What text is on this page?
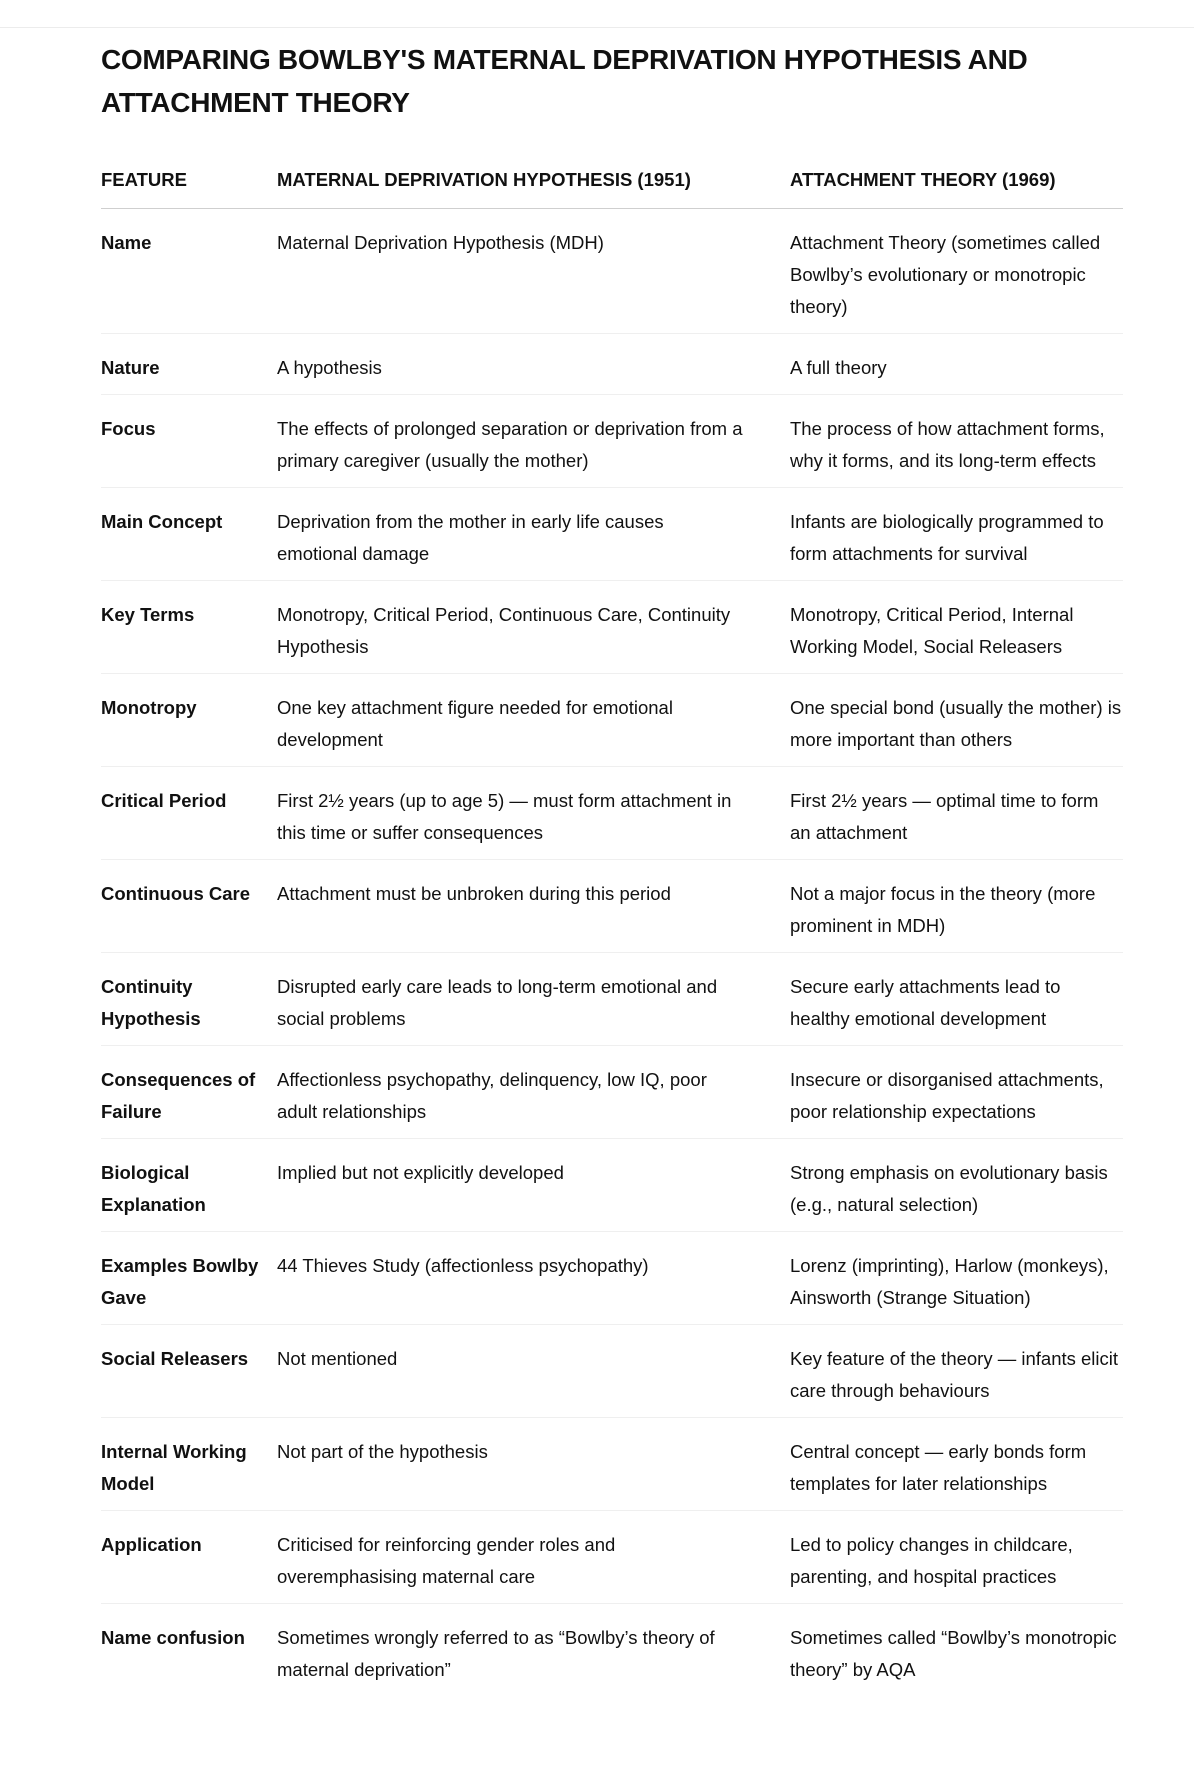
COMPARING BOWLBY'S MATERNAL DEPRIVATION HYPOTHESIS AND ATTACHMENT THEORY
FEATURE	MATERNAL DEPRIVATION HYPOTHESIS (1951)	ATTACHMENT THEORY (1969)
Name	Maternal Deprivation Hypothesis (MDH)	Attachment Theory (sometimes called Bowlby’s evolutionary or monotropic theory)
Nature	A hypothesis	A full theory
Focus	The effects of prolonged separation or deprivation from a primary caregiver (usually the mother)	The process of how attachment forms, why it forms, and its long-term effects
Main Concept	Deprivation from the mother in early life causes emotional damage	Infants are biologically programmed to form attachments for survival
Key Terms	Monotropy, Critical Period, Continuous Care, Continuity Hypothesis	Monotropy, Critical Period, Internal Working Model, Social Releasers
Monotropy	One key attachment figure needed for emotional development	One special bond (usually the mother) is more important than others
Critical Period	First 2½ years (up to age 5) — must form attachment in this time or suffer consequences	First 2½ years — optimal time to form an attachment
Continuous Care	Attachment must be unbroken during this period	Not a major focus in the theory (more prominent in MDH)
Continuity Hypothesis	Disrupted early care leads to long-term emotional and social problems	Secure early attachments lead to healthy emotional development
Consequences of Failure	Affectionless psychopathy, delinquency, low IQ, poor adult relationships	Insecure or disorganised attachments, poor relationship expectations
Biological Explanation	Implied but not explicitly developed	Strong emphasis on evolutionary basis (e.g., natural selection)
Examples Bowlby Gave	44 Thieves Study (affectionless psychopathy)	Lorenz (imprinting), Harlow (monkeys), Ainsworth (Strange Situation)
Social Releasers	Not mentioned	Key feature of the theory — infants elicit care through behaviours
Internal Working Model	Not part of the hypothesis	Central concept — early bonds form templates for later relationships
Application	Criticised for reinforcing gender roles and overemphasising maternal care	Led to policy changes in childcare, parenting, and hospital practices
Name confusion	Sometimes wrongly referred to as “Bowlby’s theory of maternal deprivation”	Sometimes called “Bowlby’s monotropic theory” by AQA
